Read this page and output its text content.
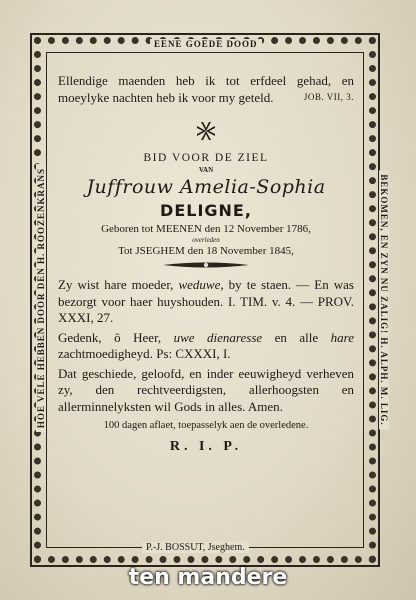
EENE GOEDE DOOD
HOE VELE HEBBEN DOOR DEN H. ROOZENKRANS	BEKOMEN, EN ZYN NU ZALIG! H. ALPH. M. LIG.
P.-J. BOSSUT, Jseghem.

Ellendige maenden heb ik tot erfdeel gehad, en moeylyke nachten heb ik voor my geteld.	JOB. VII, 3.

BID VOOR DE ZIEL
VAN
Juffrouw Amelia-Sophia
DELIGNE,
Geboren tot MEENEN den 12 November 1786,
overleden
Tot JSEGHEM den 18 November 1845,

Zy wist hare moeder, weduwe, by te staen. — En was bezorgt voor haer huyshouden. I. TIM. v. 4. — PROV. XXXI, 27.

Gedenk, ô Heer, uwe dienaresse en alle hare zachtmoedigheyd. Ps: CXXXI, I.

Dat geschiede, geloofd, en inder eeuwigheyd verheven zy, den rechtveerdigsten, allerhoogsten en allerminnelyksten wil Gods in alles. Amen.

100 dagen aflaet, toepasselyk aen de overledene.
R. I. P.
ten mandere
